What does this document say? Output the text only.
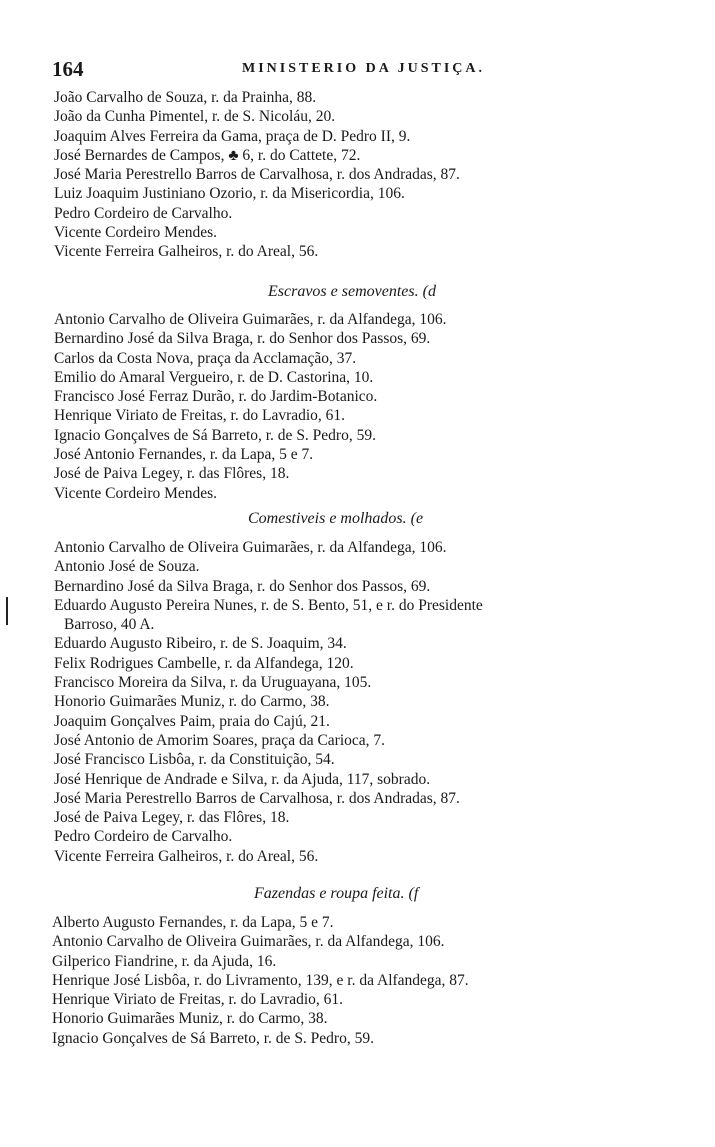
164	MINISTERIO DA JUSTIÇA.
João Carvalho de Souza, r. da Prainha, 88.
João da Cunha Pimentel, r. de S. Nicoláu, 20.
Joaquim Alves Ferreira da Gama, praça de D. Pedro II, 9.
José Bernardes de Campos, ♣ 6, r. do Cattete, 72.
José Maria Perestrello Barros de Carvalhosa, r. dos Andradas, 87.
Luiz Joaquim Justiniano Ozorio, r. da Misericordia, 106.
Pedro Cordeiro de Carvalho.
Vicente Cordeiro Mendes.
Vicente Ferreira Galheiros, r. do Areal, 56.
Escravos e semoventes. (d
Antonio Carvalho de Oliveira Guimarães, r. da Alfandega, 106.
Bernardino José da Silva Braga, r. do Senhor dos Passos, 69.
Carlos da Costa Nova, praça da Acclamação, 37.
Emilio do Amaral Vergueiro, r. de D. Castorina, 10.
Francisco José Ferraz Durão, r. do Jardim-Botanico.
Henrique Viriato de Freitas, r. do Lavradio, 61.
Ignacio Gonçalves de Sá Barreto, r. de S. Pedro, 59.
José Antonio Fernandes, r. da Lapa, 5 e 7.
José de Paiva Legey, r. das Flôres, 18.
Vicente Cordeiro Mendes.
Comestiveis e molhados. (e
Antonio Carvalho de Oliveira Guimarães, r. da Alfandega, 106.
Antonio José de Souza.
Bernardino José da Silva Braga, r. do Senhor dos Passos, 69.
Eduardo Augusto Pereira Nunes, r. de S. Bento, 51, e r. do Presidente
Barroso, 40 A.
Eduardo Augusto Ribeiro, r. de S. Joaquim, 34.
Felix Rodrigues Cambelle, r. da Alfandega, 120.
Francisco Moreira da Silva, r. da Uruguayana, 105.
Honorio Guimarães Muniz, r. do Carmo, 38.
Joaquim Gonçalves Paim, praia do Cajú, 21.
José Antonio de Amorim Soares, praça da Carioca, 7.
José Francisco Lisbôa, r. da Constituição, 54.
José Henrique de Andrade e Silva, r. da Ajuda, 117, sobrado.
José Maria Perestrello Barros de Carvalhosa, r. dos Andradas, 87.
José de Paiva Legey, r. das Flôres, 18.
Pedro Cordeiro de Carvalho.
Vicente Ferreira Galheiros, r. do Areal, 56.
Fazendas e roupa feita. (f
Alberto Augusto Fernandes, r. da Lapa, 5 e 7.
Antonio Carvalho de Oliveira Guimarães, r. da Alfandega, 106.
Gilperico Fiandrine, r. da Ajuda, 16.
Henrique José Lisbôa, r. do Livramento, 139, e r. da Alfandega, 87.
Henrique Viriato de Freitas, r. do Lavradio, 61.
Honorio Guimarães Muniz, r. do Carmo, 38.
Ignacio Gonçalves de Sá Barreto, r. de S. Pedro, 59.
